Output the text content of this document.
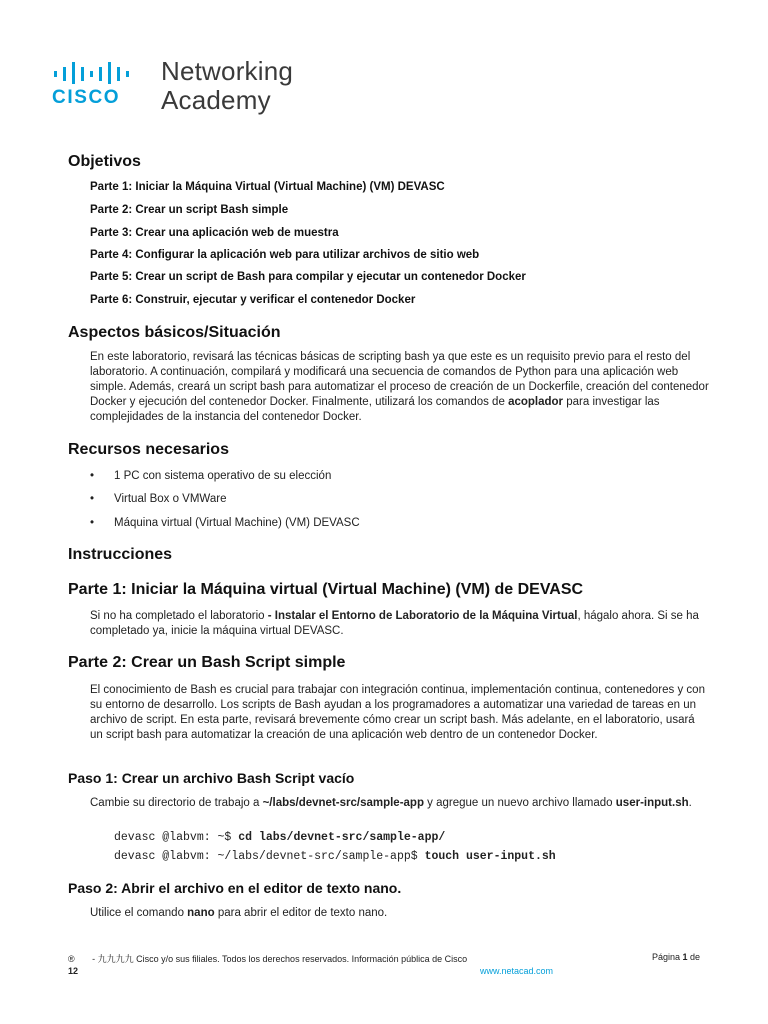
CISCO
Networking
Academy
Objetivos
Parte 1: Iniciar la Máquina Virtual (Virtual Machine) (VM) DEVASC
Parte 2: Crear un script Bash simple
Parte 3: Crear una aplicación web de muestra
Parte 4: Configurar la aplicación web para utilizar archivos de sitio web
Parte 5: Crear un script de Bash para compilar y ejecutar un contenedor Docker
Parte 6: Construir, ejecutar y verificar el contenedor Docker
Aspectos básicos/Situación
En este laboratorio, revisará las técnicas básicas de scripting bash ya que este es un requisito previo para el resto del laboratorio. A continuación, compilará y modificará una secuencia de comandos de Python para una aplicación web simple. Además, creará un script bash para automatizar el proceso de creación de un Dockerfile, creación del contenedor Docker y ejecución del contenedor Docker. Finalmente, utilizará los comandos de acoplador para investigar las complejidades de la instancia del contenedor Docker.
Recursos necesarios
• 1 PC con sistema operativo de su elección
• Virtual Box o VMWare
• Máquina virtual (Virtual Machine) (VM) DEVASC
Instrucciones
Parte 1: Iniciar la Máquina virtual (Virtual Machine) (VM) de DEVASC
Si no ha completado el laboratorio - Instalar el Entorno de Laboratorio de la Máquina Virtual, hágalo ahora. Si se ha completado ya, inicie la máquina virtual DEVASC.
Parte 2: Crear un Bash Script simple
El conocimiento de Bash es crucial para trabajar con integración continua, implementación continua, contenedores y con su entorno de desarrollo. Los scripts de Bash ayudan a los programadores a automatizar una variedad de tareas en un archivo de script. En esta parte, revisará brevemente cómo crear un script bash. Más adelante, en el laboratorio, usará un script bash para automatizar la creación de una aplicación web dentro de un contenedor Docker.
Paso 1: Crear un archivo Bash Script vacío
Cambie su directorio de trabajo a ~/labs/devnet-src/sample-app y agregue un nuevo archivo llamado user-input.sh.
devasc @labvm: ~$ cd labs/devnet-src/sample-app/
devasc @labvm: ~/labs/devnet-src/sample-app$ touch user-input.sh
Paso 2: Abrir el archivo en el editor de texto nano.
Utilice el comando nano para abrir el editor de texto nano.
® - 九九九九 Cisco y/o sus filiales. Todos los derechos reservados. Información pública de Cisco	Página 1 de
12	www.netacad.com
